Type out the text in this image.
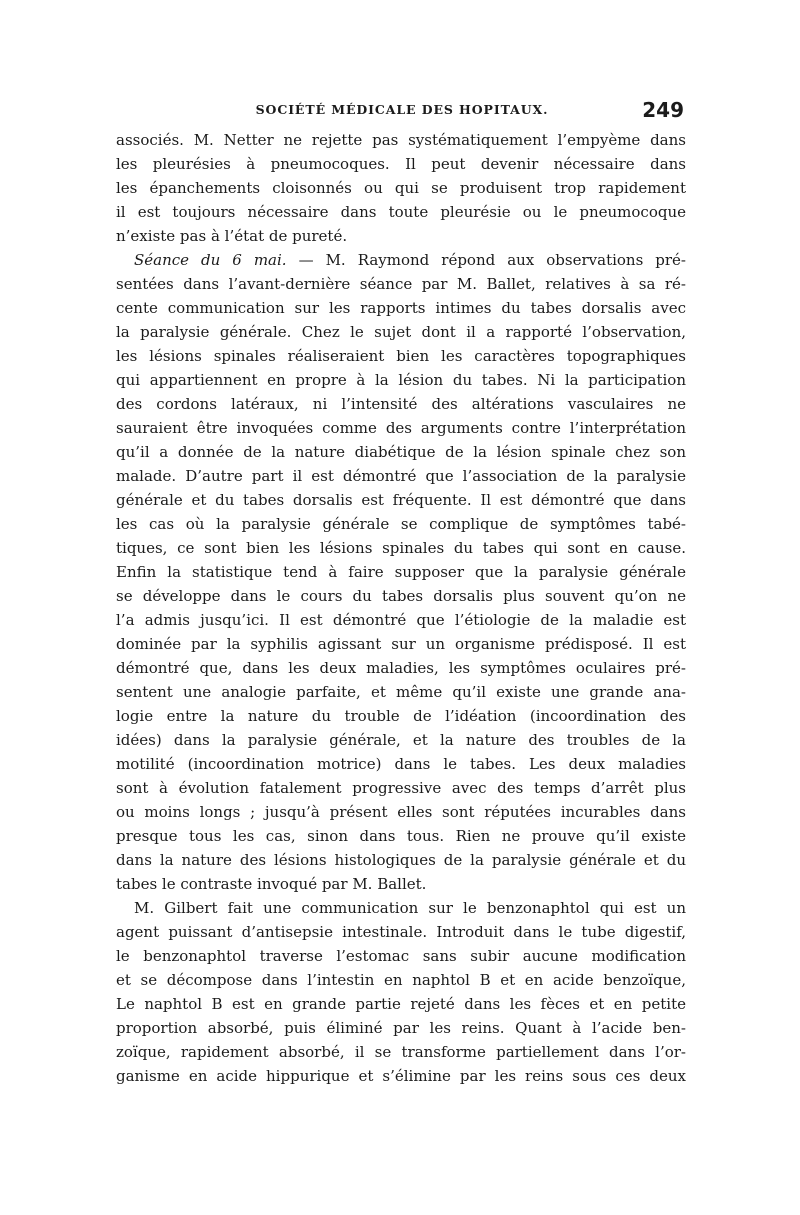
SOCIÉTÉ MÉDICALE DES HOPITAUX.	249
associés. M. Netter ne rejette pas systématiquement l’empyème dans
les pleurésies à pneumocoques. Il peut devenir nécessaire dans
les épanchements cloisonnés ou qui se produisent trop rapidement
il est toujours nécessaire dans toute pleurésie ou le pneumocoque
n’existe pas à l’état de pureté.
Séance du 6 mai. — M. Raymond répond aux observations pré-
sentées dans l’avant-dernière séance par M. Ballet, relatives à sa ré-
cente communication sur les rapports intimes du tabes dorsalis avec
la paralysie générale. Chez le sujet dont il a rapporté l’observation,
les lésions spinales réaliseraient bien les caractères topographiques
qui appartiennent en propre à la lésion du tabes. Ni la participation
des cordons latéraux, ni l’intensité des altérations vasculaires ne
sauraient être invoquées comme des arguments contre l’interprétation
qu’il a donnée de la nature diabétique de la lésion spinale chez son
malade. D’autre part il est démontré que l’association de la paralysie
générale et du tabes dorsalis est fréquente. Il est démontré que dans
les cas où la paralysie générale se complique de symptômes tabé-
tiques, ce sont bien les lésions spinales du tabes qui sont en cause.
Enfin la statistique tend à faire supposer que la paralysie générale
se développe dans le cours du tabes dorsalis plus souvent qu’on ne
l’a admis jusqu’ici. Il est démontré que l’étiologie de la maladie est
dominée par la syphilis agissant sur un organisme prédisposé. Il est
démontré que, dans les deux maladies, les symptômes oculaires pré-
sentent une analogie parfaite, et même qu’il existe une grande ana-
logie entre la nature du trouble de l’idéation (incoordination des
idées) dans la paralysie générale, et la nature des troubles de la
motilité (incoordination motrice) dans le tabes. Les deux maladies
sont à évolution fatalement progressive avec des temps d’arrêt plus
ou moins longs ; jusqu’à présent elles sont réputées incurables dans
presque tous les cas, sinon dans tous. Rien ne prouve qu’il existe
dans la nature des lésions histologiques de la paralysie générale et du
tabes le contraste invoqué par M. Ballet.
M. Gilbert fait une communication sur le benzonaphtol qui est un
agent puissant d’antisepsie intestinale. Introduit dans le tube digestif,
le benzonaphtol traverse l’estomac sans subir aucune modification
et se décompose dans l’intestin en naphtol B et en acide benzoïque,
Le naphtol B est en grande partie rejeté dans les fèces et en petite
proportion absorbé, puis éliminé par les reins. Quant à l’acide ben-
zoïque, rapidement absorbé, il se transforme partiellement dans l’or-
ganisme en acide hippurique et s’élimine par les reins sous ces deux
